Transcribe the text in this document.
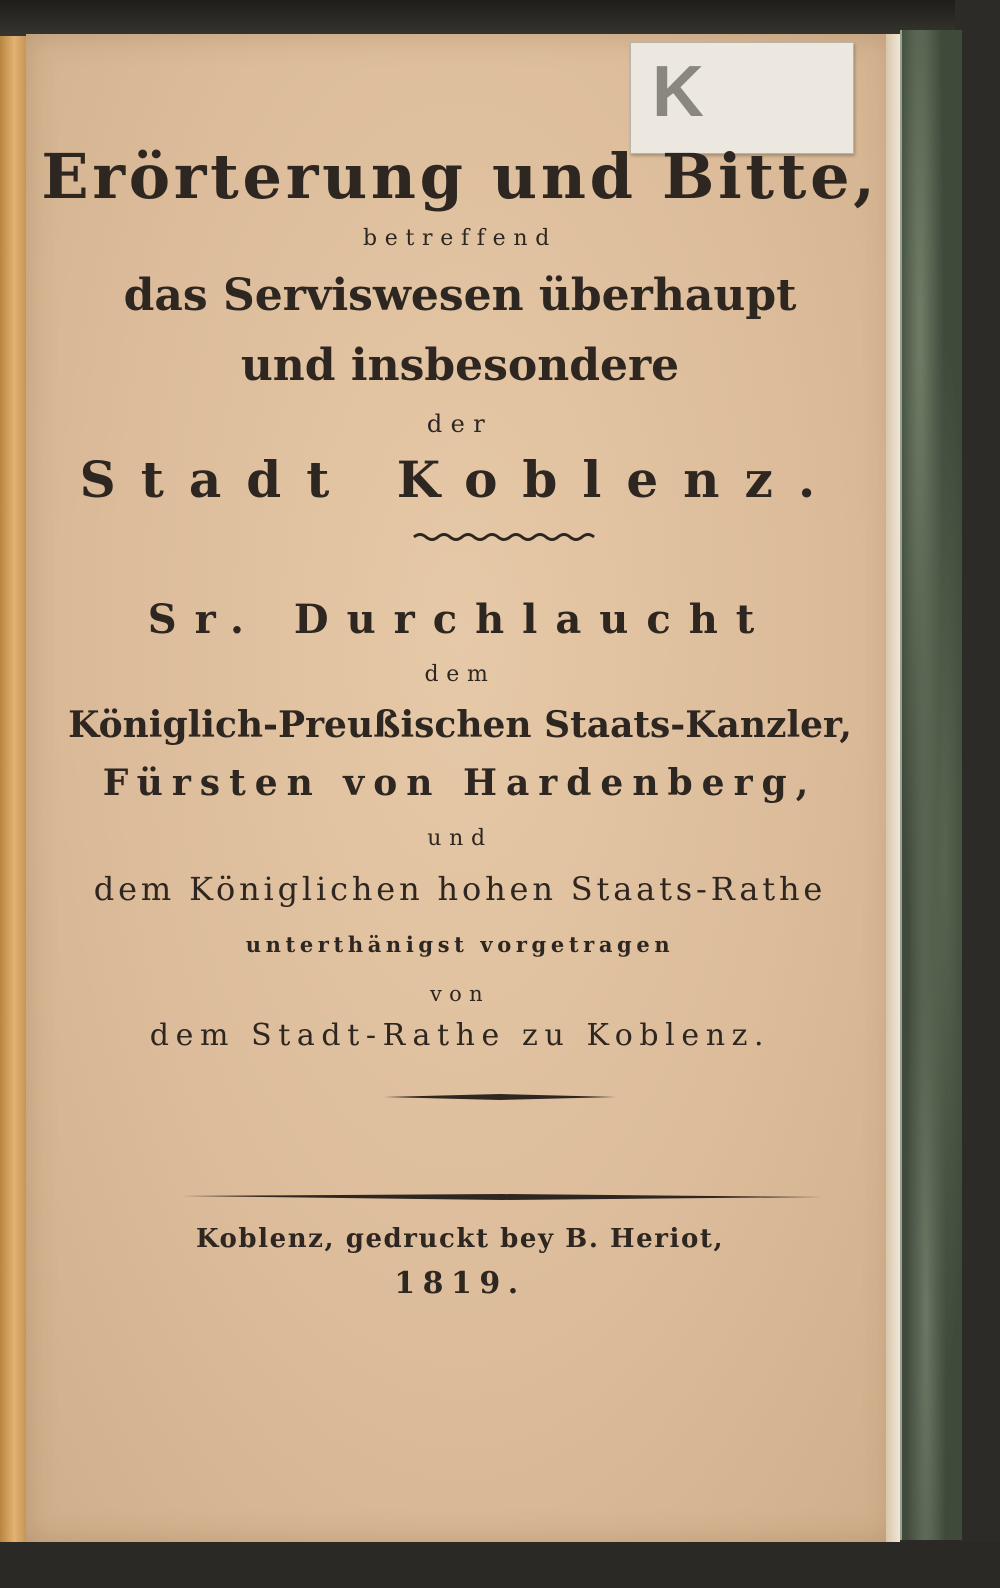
K
Erörterung und Bitte,
betreffend
das Serviswesen überhaupt
und insbesondere
der
Stadt Koblenz.
Sr. Durchlaucht
dem
Königlich-Preußischen Staats-Kanzler,
Fürsten von Hardenberg,
und
dem Königlichen hohen Staats-Rathe
unterthänigst vorgetragen
von
dem Stadt-Rathe zu Koblenz.
Koblenz, gedruckt bey B. Heriot,
1819.
